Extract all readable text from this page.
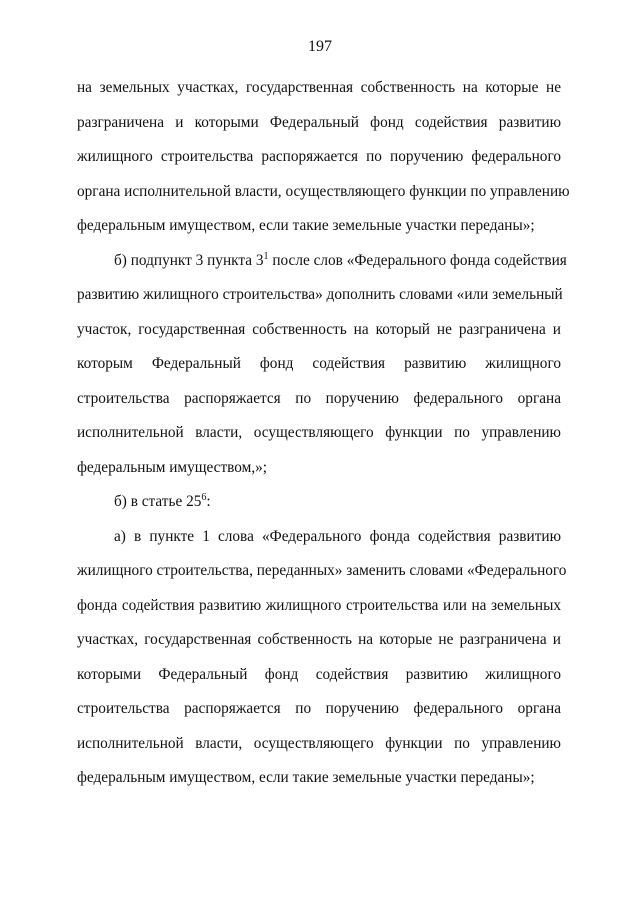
197
на земельных участках, государственная собственность на которые не
разграничена и которыми Федеральный фонд содействия развитию
жилищного строительства распоряжается по поручению федерального
органа исполнительной власти, осуществляющего функции по управлению
федеральным имуществом, если такие земельные участки переданы»;
б) подпункт 3 пункта $3^1$ после слов «Федерального фонда содействия
развитию жилищного строительства» дополнить словами «или земельный
участок, государственная собственность на который не разграничена и
которым Федеральный фонд содействия развитию жилищного
строительства распоряжается по поручению федерального органа
исполнительной власти, осуществляющего функции по управлению
федеральным имуществом,»;
б) в статье $25^6$:
а) в пункте 1 слова «Федерального фонда содействия развитию
жилищного строительства, переданных» заменить словами «Федерального
фонда содействия развитию жилищного строительства или на земельных
участках, государственная собственность на которые не разграничена и
которыми Федеральный фонд содействия развитию жилищного
строительства распоряжается по поручению федерального органа
исполнительной власти, осуществляющего функции по управлению
федеральным имуществом, если такие земельные участки переданы»;
